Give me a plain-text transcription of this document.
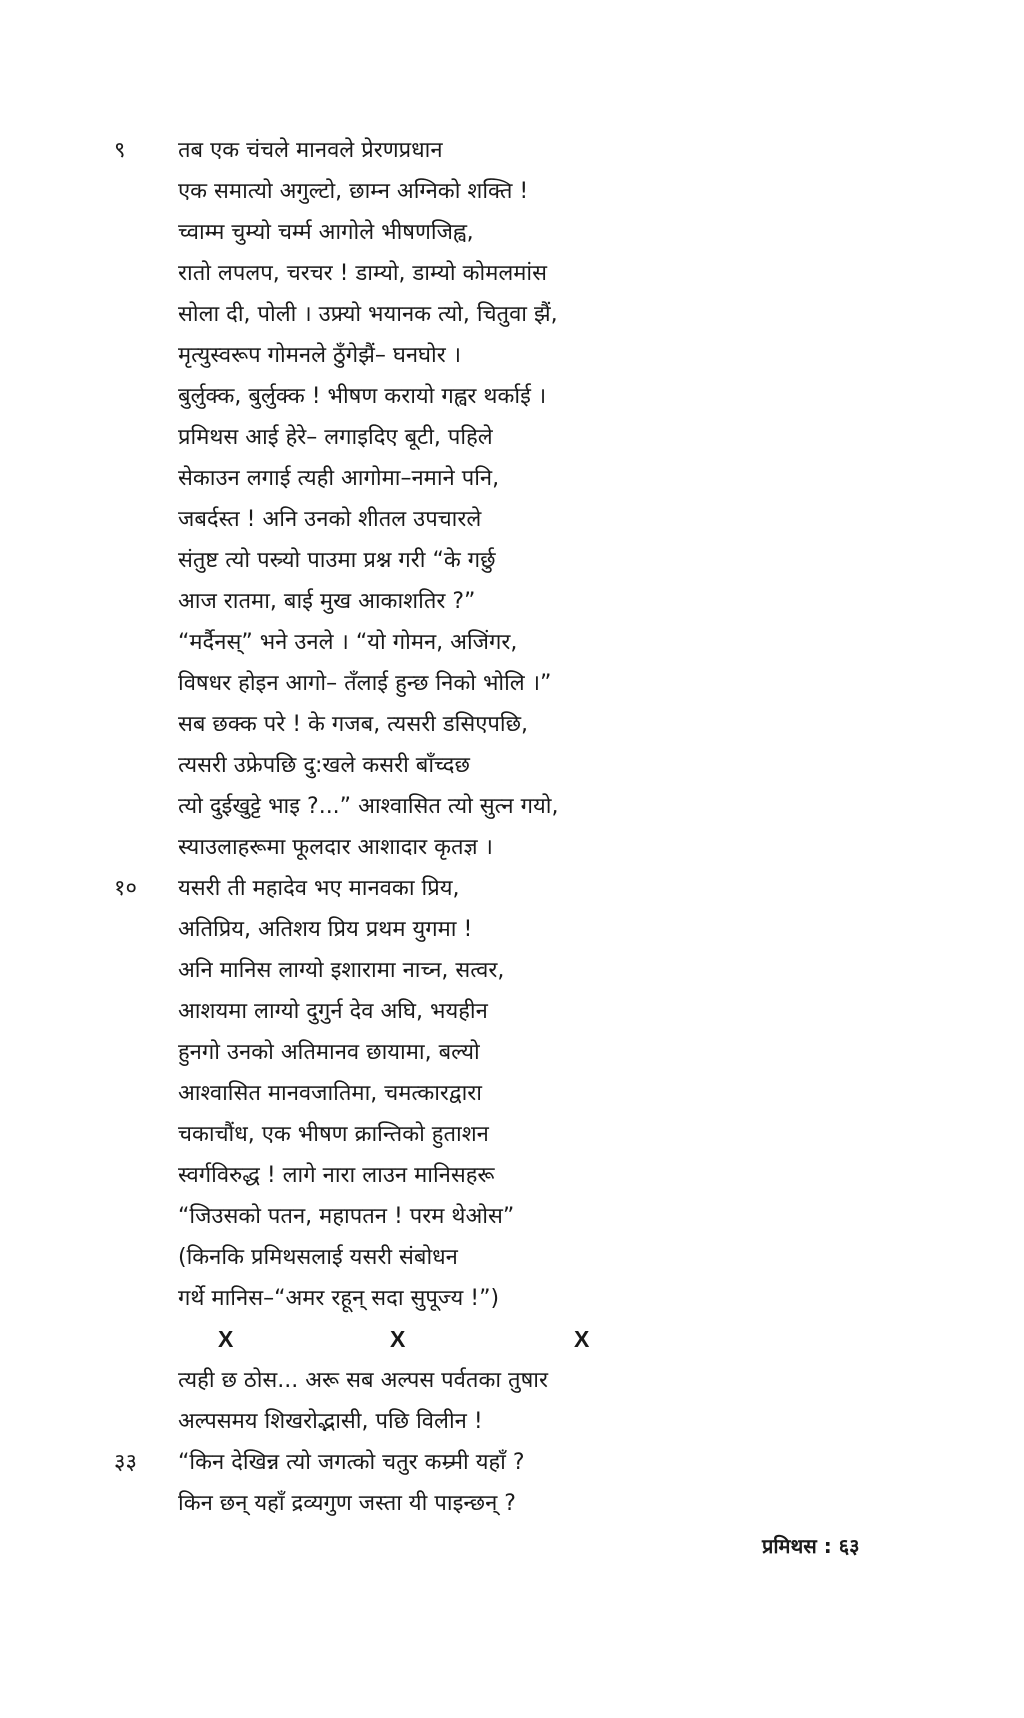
९ तब एक चंचले मानवले प्रेरणप्रधान
एक समात्यो अगुल्टो, छाम्न अग्निको शक्ति !
च्वाम्म चुम्यो चर्म्म आगोले भीषणजिह्व,
रातो लपलप, चरचर ! डाम्यो, डाम्यो कोमलमांस
सोला दी, पोली । उफ्र्यो भयानक त्यो, चितुवा झैं,
मृत्युस्वरूप गोमनले ठुँगेझैं– घनघोर ।
बुर्लुक्क, बुर्लुक्क ! भीषण करायो गह्वर थर्काई ।
प्रमिथस आई हेरे– लगाइदिए बूटी, पहिले
सेकाउन लगाई त्यही आगोमा–नमाने पनि,
जबर्दस्त ! अनि उनको शीतल उपचारले
संतुष्ट त्यो पस्र्यो पाउमा प्रश्न गरी “के गर्छु
आज रातमा, बाई मुख आकाशतिर ?”
“मर्दैनस्” भने उनले । “यो गोमन, अजिंगर,
विषधर होइन आगो– तँलाई हुन्छ निको भोलि ।”
सब छक्क परे ! के गजब, त्यसरी डसिएपछि,
त्यसरी उफ्रेपछि दु:खले कसरी बाँच्दछ
त्यो दुईखुट्टे भाइ ?...” आश्वासित त्यो सुत्न गयो,
स्याउलाहरूमा फूलदार आशादार कृतज्ञ ।
१० यसरी ती महादेव भए मानवका प्रिय,
अतिप्रिय, अतिशय प्रिय प्रथम युगमा !
अनि मानिस लाग्यो इशारामा नाच्न, सत्वर,
आशयमा लाग्यो दुगुर्न देव अघि, भयहीन
हुनगो उनको अतिमानव छायामा, बल्यो
आश्वासित मानवजातिमा, चमत्कारद्वारा
चकाचौंध, एक भीषण क्रान्तिको हुताशन
स्वर्गविरुद्ध ! लागे नारा लाउन मानिसहरू
“जिउसको पतन, महापतन ! परम थेओस”
(किनकि प्रमिथसलाई यसरी संबोधन
गर्थे मानिस–“अमर रहून् सदा सुपूज्य !”)
X	X	X
त्यही छ ठोस... अरू सब अल्पस पर्वतका तुषार
अल्पसमय शिखरोद्भासी, पछि विलीन !
३३ “किन देखिन्न त्यो जगत्को चतुर कम्र्मी यहाँ ?
किन छन् यहाँ द्रव्यगुण जस्ता यी पाइन्छन् ?
प्रमिथस : ६३
